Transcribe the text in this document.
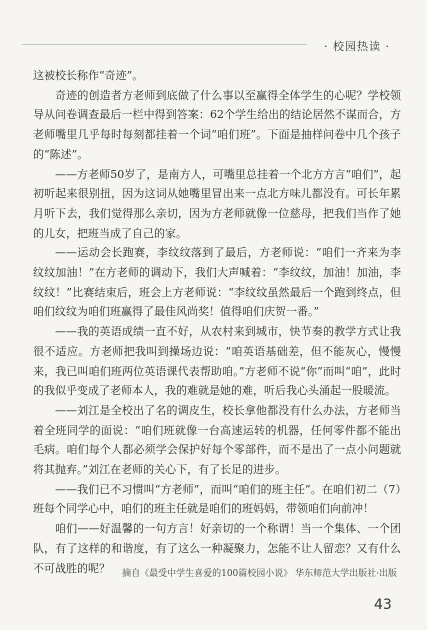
· 校园热读 ·

这被校长称作“奇迹”。

奇迹的创造者方老师到底做了什么事以至赢得全体学生的心呢？学校领导从问卷调查最后一栏中得到答案：62个学生给出的结论居然不谋而合，方老师嘴里几乎每时每刻都挂着一个词“咱们班”。下面是抽样问卷中几个孩子的“陈述”。

——方老师50岁了，是南方人，可嘴里总挂着一个北方方言“咱们”，起初听起来很别扭，因为这词从她嘴里冒出来一点北方味儿都没有。可长年累月听下去，我们觉得那么亲切，因为方老师就像一位慈母，把我们当作了她的儿女，把班当成了自己的家。

——运动会长跑赛，李纹纹落到了最后，方老师说：“咱们一齐来为李纹纹加油！”在方老师的调动下，我们大声喊着：“李纹纹，加油！加油，李纹纹！”比赛结束后，班会上方老师说：“李纹纹虽然最后一个跑到终点，但咱们纹纹为咱们班赢得了最佳风尚奖！值得咱们庆贺一番。”

——我的英语成绩一直不好，从农村来到城市，快节奏的教学方式让我很不适应。方老师把我叫到操场边说：“咱英语基础差，但不能灰心，慢慢来，我已叫咱们班两位英语课代表帮助咱。”方老师不说“你”而叫“咱”，此时的我似乎变成了老师本人，我的难就是她的难，听后我心头涌起一股暖流。

——刘江是全校出了名的调皮生，校长拿他都没有什么办法，方老师当着全班同学的面说：“咱们班就像一台高速运转的机器，任何零件都不能出毛病。咱们每个人都必须学会保护好每个零部件，而不是出了一点小问题就将其抛弃。”刘江在老师的关心下，有了长足的进步。

——我们已不习惯叫“方老师”，而叫“咱们的班主任”。在咱们初二（7）班每个同学心中，咱们的班主任就是咱们的班妈妈，带领咱们向前冲！

咱们——好温馨的一句方言！好亲切的一个称谓！当一个集体、一个团队，有了这样的和谐度，有了这么一种凝聚力，怎能不让人留恋？又有什么不可战胜的呢？	摘自《最受中学生喜爱的100篇校园小说》 华东师范大学出版社·出版
43
